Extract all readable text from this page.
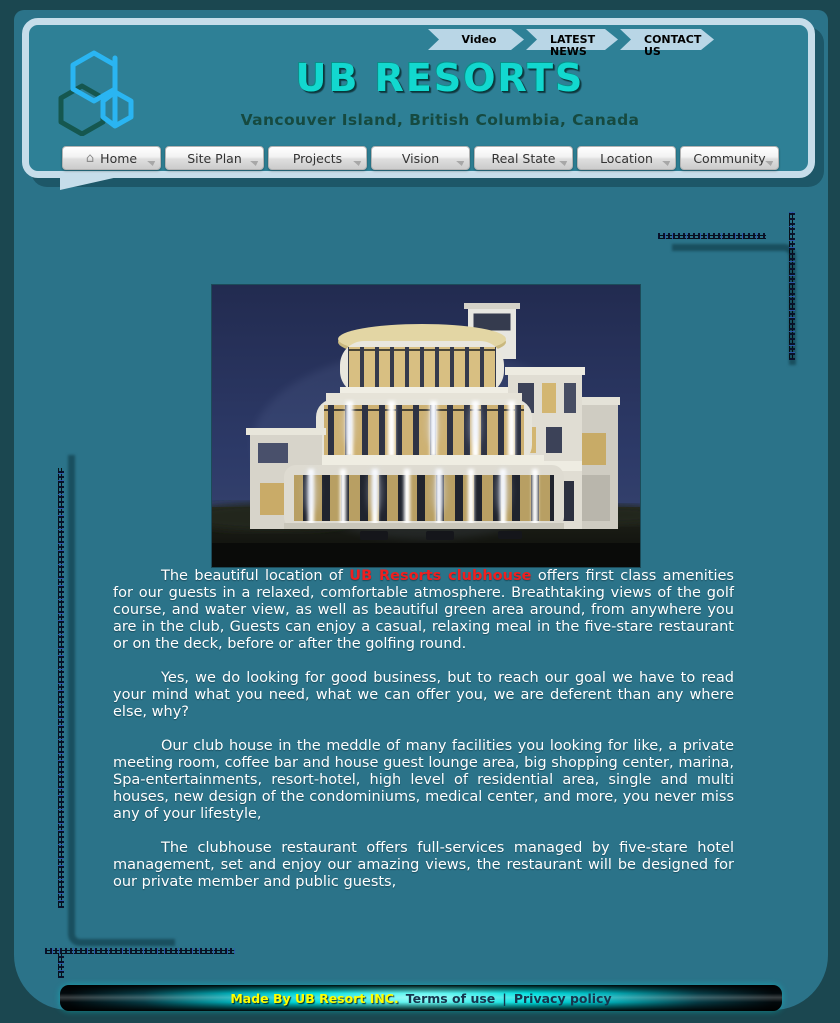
UB RESORTS
Vancouver Island, British Columbia, Canada
Video	LATEST NEWS
CONTACT US
⌂ Home	Site Plan	Projects	Vision	Real State	Location	Community

The beautiful location of UB Resorts clubhouse offers first class amenities for our guests in a relaxed, comfortable atmosphere. Breathtaking views of the golf course, and water view, as well as beautiful green area around, from anywhere you are in the club, Guests can enjoy a casual, relaxing meal in the five-stare restaurant or on the deck, before or after the golfing round.

Yes, we do looking for good business, but to reach our goal we have to read your mind what you need, what we can offer you, we are deferent than any where else, why?

Our club house in the meddle of many facilities you looking for like, a private meeting room, coffee bar and house guest lounge area, big shopping center, marina, Spa-entertainments, resort-hotel, high level of residential area, single and multi houses, new design of the condominiums, medical center, and more, you never miss any of your lifestyle,

The clubhouse restaurant offers full-services managed by five-stare hotel management, set and enjoy our amazing views, the restaurant will be designed for our private member and public guests,

Made By UB Resort INC. Terms of use | Privacy policy
